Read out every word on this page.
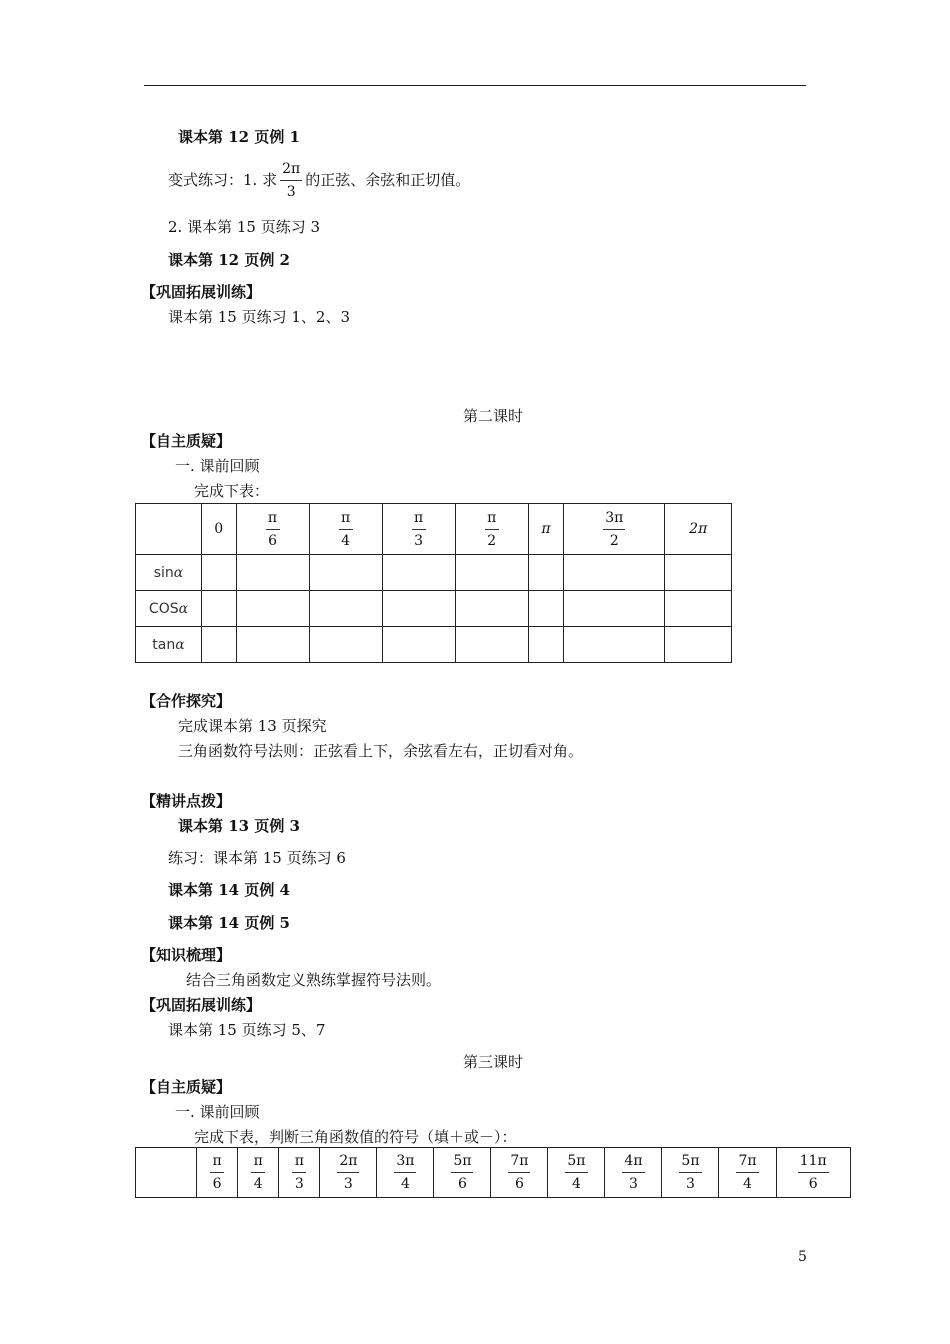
课本第 12 页例 1
变式练习：1. 求 $\frac{2\pi}{3}$ 的正弦、余弦和正切值。
2. 课本第 15 页练习 3
课本第 12 页例 2
【巩固拓展训练】
课本第 15 页练习 1、2、3
第二课时
【自主质疑】
一. 课前回顾
完成下表：
	0	$\frac{\pi}{6}$	$\frac{\pi}{4}$	$\frac{\pi}{3}$	$\frac{\pi}{2}$	π	$\frac{3\pi}{2}$	2π
sinα								
COSα								
tanα								
【合作探究】
完成课本第 13 页探究
三角函数符号法则：正弦看上下，余弦看左右，正切看对角。
【精讲点拨】
课本第 13 页例 3
练习：课本第 15 页练习 6
课本第 14 页例 4
课本第 14 页例 5
【知识梳理】
结合三角函数定义熟练掌握符号法则。
【巩固拓展训练】
课本第 15 页练习 5、7
第三课时
【自主质疑】
一. 课前回顾
完成下表，判断三角函数值的符号（填＋或－）：

$\frac{\pi}{6}$	$\frac{\pi}{4}$	$\frac{\pi}{3}$	$\frac{2\pi}{3}$	$\frac{3\pi}{4}$	$\frac{5\pi}{6}$	$\frac{7\pi}{6}$	$\frac{5\pi}{4}$	$\frac{4\pi}{3}$	$\frac{5\pi}{3}$	$\frac{7\pi}{4}$	$\frac{11\pi}{6}$
5
